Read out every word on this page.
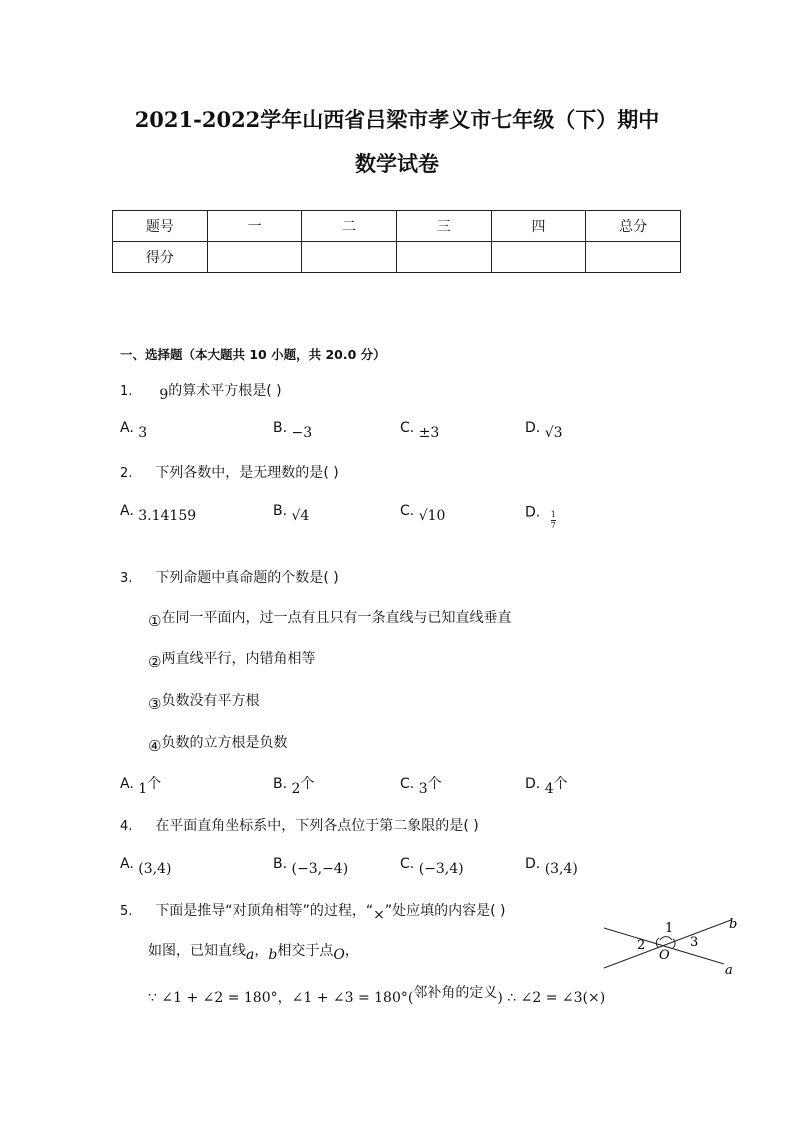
2021-2022学年山西省吕梁市孝义市七年级（下）期中
数学试卷
题号	一	二	三	四	总分
得分					
一、选择题（本大题共 10 小题，共 20.0 分）
1. 9的算术平方根是( )
A. 3	B. −3	C. ±3	D. √3
2. 下列各数中，是无理数的是( )
A. 3.14159	B. √4	C. √10	D. $\frac{1}{7}$
3. 下列命题中真命题的个数是( )
①在同一平面内，过一点有且只有一条直线与已知直线垂直
②两直线平行，内错角相等
③负数没有平方根
④负数的立方根是负数
A. 1个	B. 2个	C. 3个	D. 4个
4. 在平面直角坐标系中，下列各点位于第二象限的是( )
A. (3,4)	B. (−3,−4)	C. (−3,4)	D. (3,4)
5. 下面是推导“对顶角相等”的过程，“×”处应填的内容是( )
如图，已知直线a，b相交于点O，
∵ ∠1 + ∠2 = 180°，∠1 + ∠3 = 180°(邻补角的定义) ∴ ∠2 = ∠3(×)
1
2	3
O
b
a
